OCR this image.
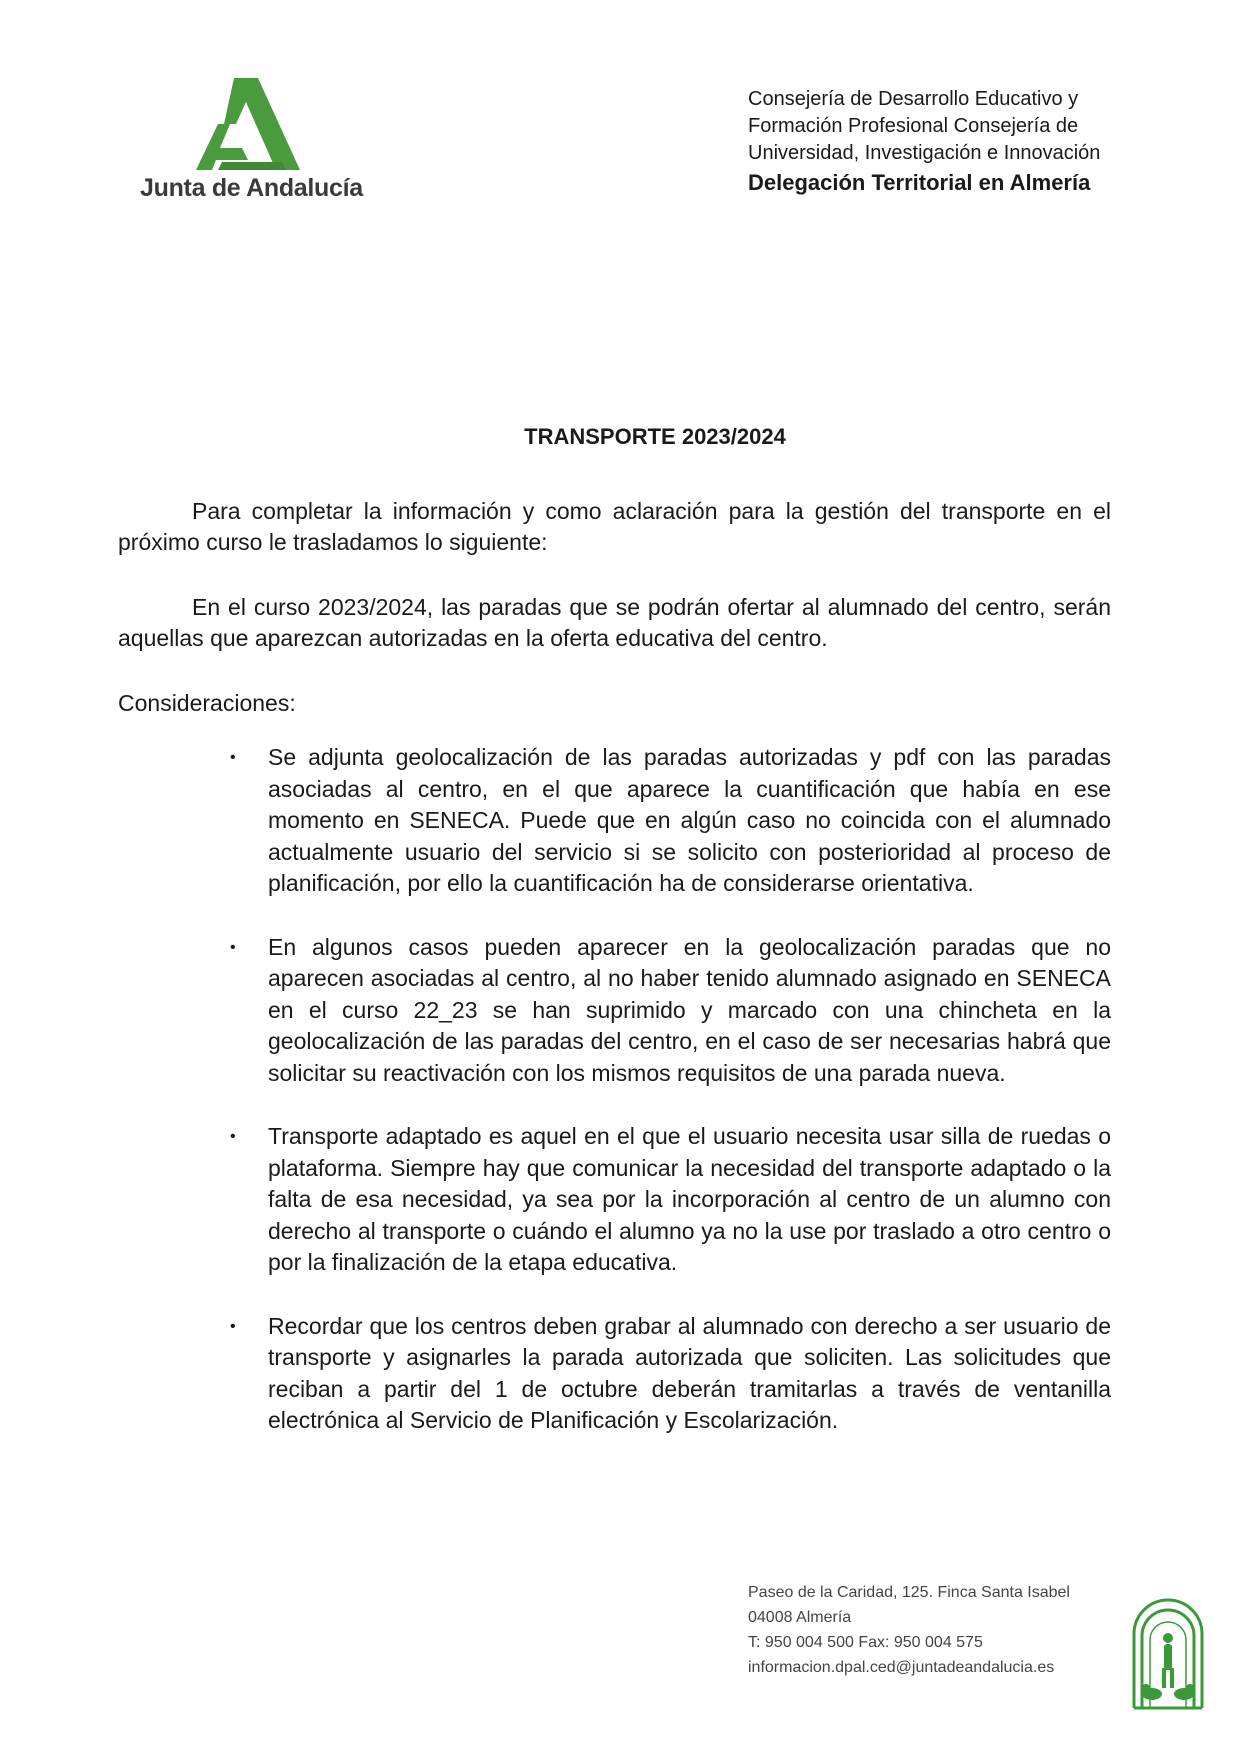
Junta de Andalucía
Consejería de Desarrollo Educativo y
Formación Profesional Consejería de
Universidad, Investigación e Innovación
Delegación Territorial en Almería
TRANSPORTE 2023/2024
Para completar la información y como aclaración para la gestión del transporte en el próximo curso le trasladamos lo siguiente:
En el curso 2023/2024, las paradas que se podrán ofertar al alumnado del centro, serán aquellas que aparezcan autorizadas en la oferta educativa del centro.
Consideraciones:
• Se adjunta geolocalización de las paradas autorizadas y pdf con las paradas asociadas al centro, en el que aparece la cuantificación que había en ese momento en SENECA. Puede que en algún caso no coincida con el alumnado actualmente usuario del servicio si se solicito con posterioridad al proceso de planificación, por ello la cuantificación ha de considerarse orientativa.
• En algunos casos pueden aparecer en la geolocalización paradas que no aparecen asociadas al centro, al no haber tenido alumnado asignado en SENECA en el curso 22_23 se han suprimido y marcado con una chincheta en la geolocalización de las paradas del centro, en el caso de ser necesarias habrá que solicitar su reactivación con los mismos requisitos de una parada nueva.
• Transporte adaptado es aquel en el que el usuario necesita usar silla de ruedas o plataforma. Siempre hay que comunicar la necesidad del transporte adaptado o la falta de esa necesidad, ya sea por la incorporación al centro de un alumno con derecho al transporte o cuándo el alumno ya no la use por traslado a otro centro o por la finalización de la etapa educativa.
• Recordar que los centros deben grabar al alumnado con derecho a ser usuario de transporte y asignarles la parada autorizada que soliciten. Las solicitudes que reciban a partir del 1 de octubre deberán tramitarlas a través de ventanilla electrónica al Servicio de Planificación y Escolarización.
Paseo de la Caridad, 125. Finca Santa Isabel
04008 Almería
T: 950 004 500 Fax: 950 004 575
informacion.dpal.ced@juntadeandalucia.es
